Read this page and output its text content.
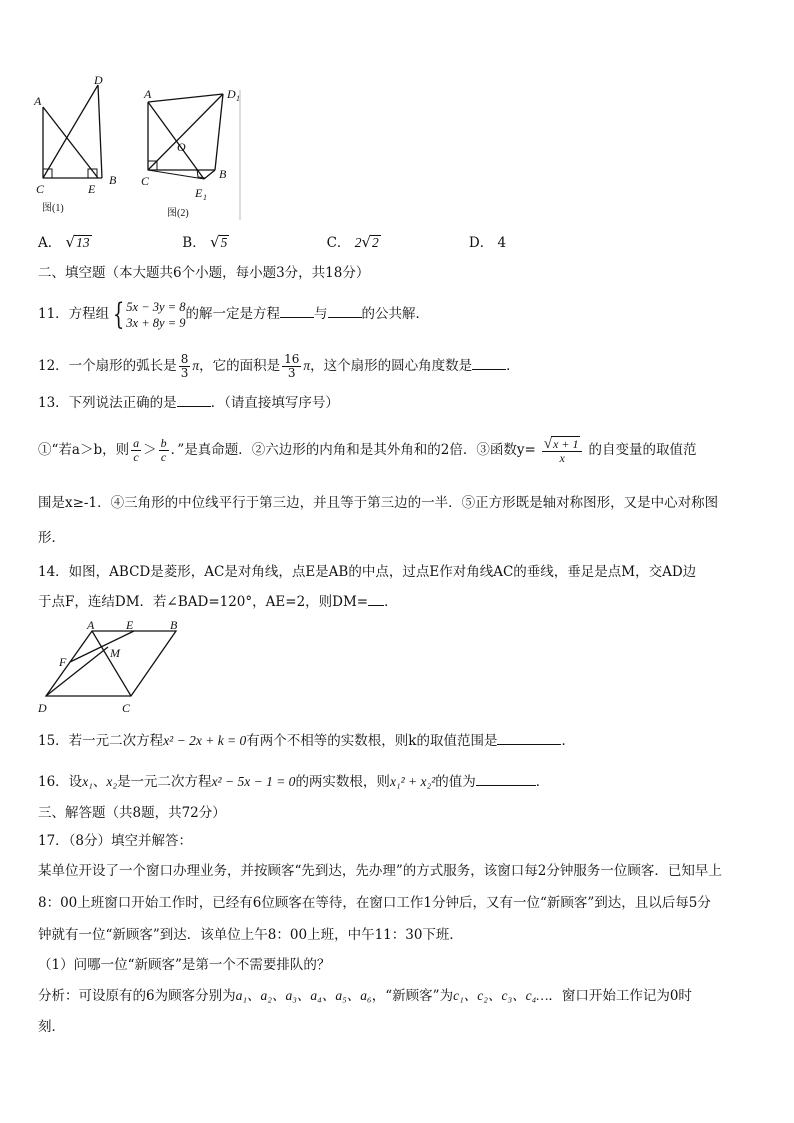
A
D
C	E
B
图(1)
A	D 1
O
C	B
E 1
图(2)
A． √13	B． √5	C． 2√2	D． 4
二、填空题（本大题共6个小题，每小题3分，共18分）
11．方程组 { 5x − 3y = 8
3x + 8y = 9
的解一定是方程	与	的公共解．
12．一个扇形的弧长是 $\frac{8}{3}$ π，它的面积是 $\frac{16}{3}$ π，这个扇形的圆心角度数是	．
13．下列说法正确的是	．（请直接填写序号）
①“若a＞b，则 $\frac{a}{c} > \frac{b}{c}$ ．”是真命题．②六边形的内角和是其外角和的2倍．③函数$y= \frac{√x + 1}{x}$ 的自变量的取值范
围是x≥-1．④三角形的中位线平行于第三边，并且等于第三边的一半．⑤正方形既是轴对称图形，又是中心对称图
形．
14．如图，ABCD是菱形，AC是对角线，点E是AB的中点，过点E作对角线AC的垂线，垂足是点M，交AD边
于点F，连结DM．若∠BAD=120°，AE=2，则DM= ．
A	E	B
F
M
D	C
15．若一元二次方程x² − 2x + k = 0有两个不相等的实数根，则k的取值范围是	．
16．设x₁、x₂是一元二次方程x² − 5x − 1 = 0的两实数根，则x₁² + x₂²的值为	．
三、解答题（共8题，共72分）
17．（8分）填空并解答：
某单位开设了一个窗口办理业务，并按顾客“先到达，先办理”的方式服务，该窗口每2分钟服务一位顾客．已知早上
8：00上班窗口开始工作时，已经有6位顾客在等待，在窗口工作1分钟后，又有一位“新顾客”到达，且以后每5分
钟就有一位“新顾客”到达．该单位上午8：00上班，中午11：30下班．
（1）问哪一位“新顾客”是第一个不需要排队的？
分析：可设原有的6为顾客分别为a₁、a₂、a₃、a₄、a₅、a₆，“新顾客”为c₁、c₂、c₃、c₄…．窗口开始工作记为0时
刻．
